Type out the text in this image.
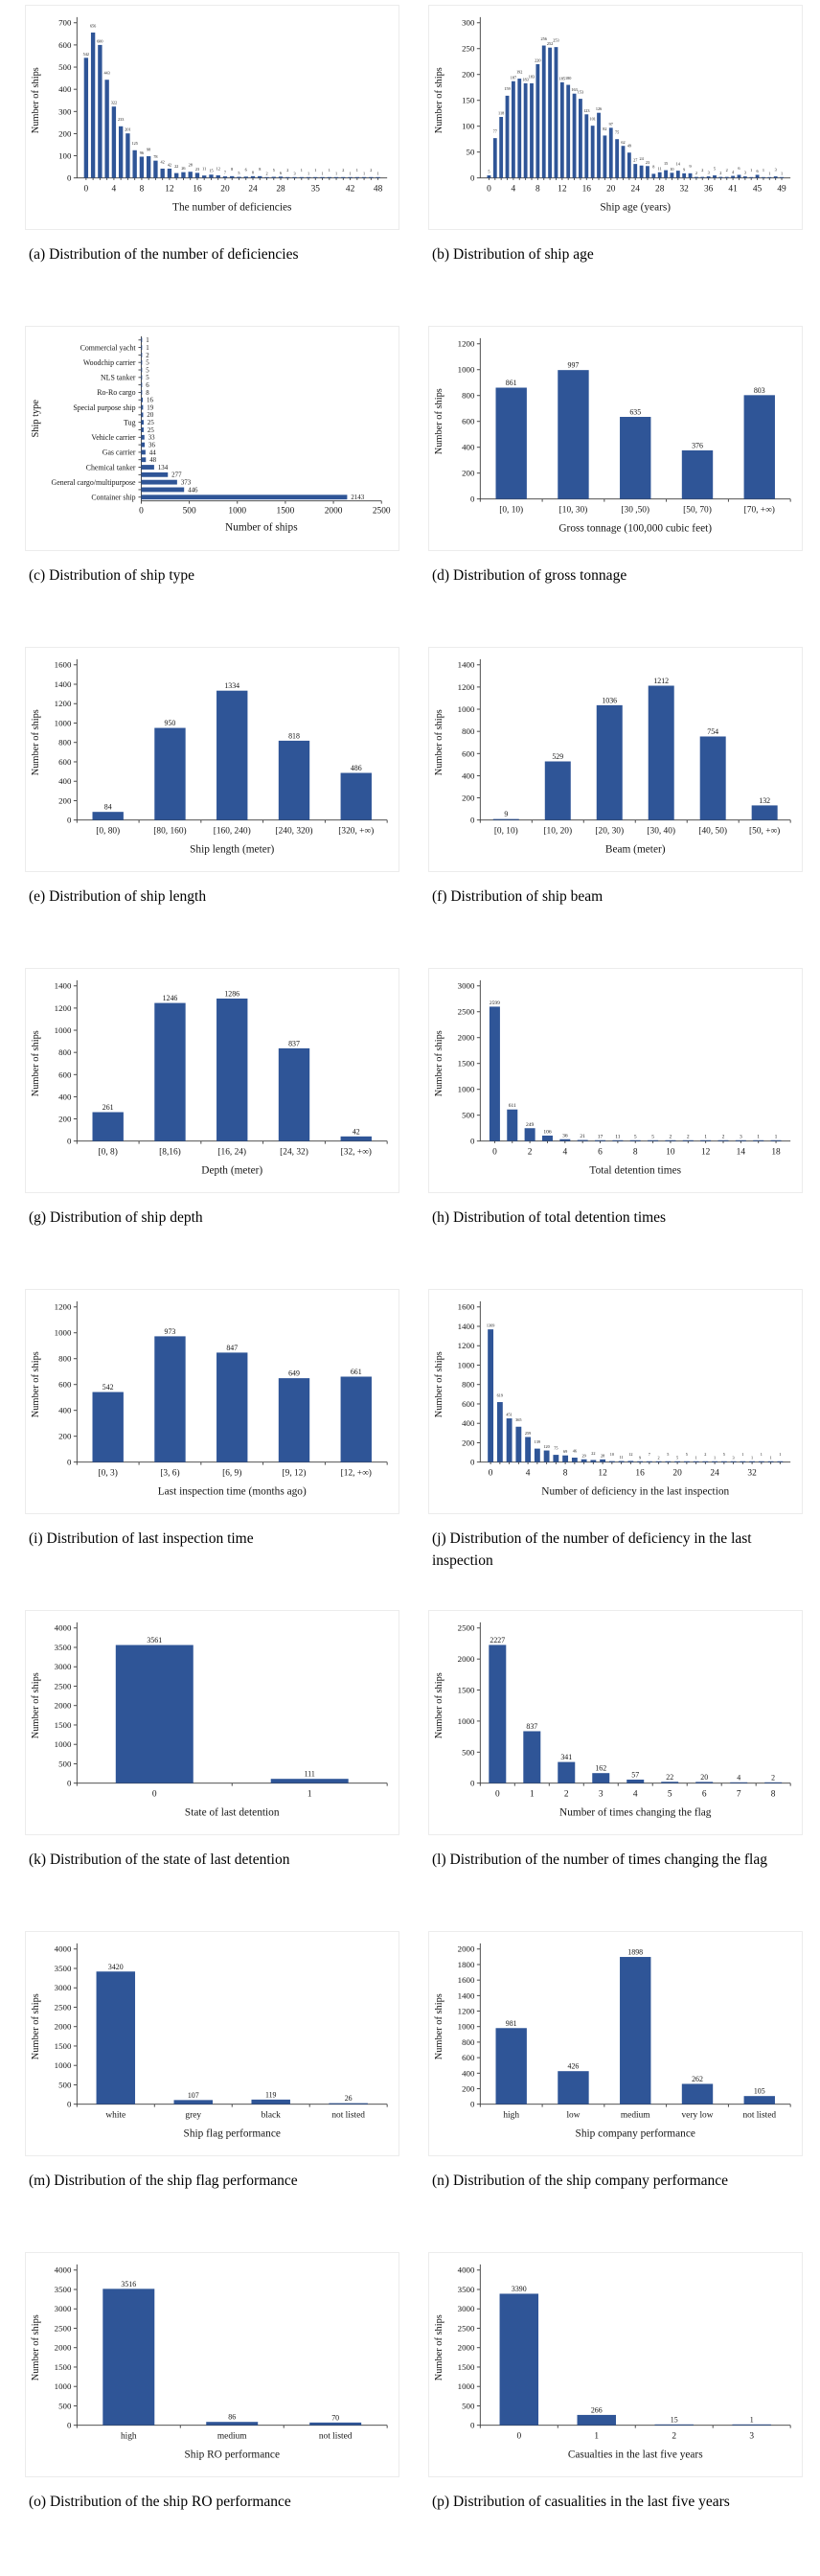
0
100
200
300
400
500
600
700
542
656
600
443
322
233
201
125
96
98
78
42
42 22 26
28
23 11 15 12
7
8
5
6
8
8
2
5
6
2
3
1
1
1
1
1
1
2
1
1
1
2
1
0	4	8 12 16 20 24 28	35	42 48
The number of deficiencies
Number of ships
(a) Distribution of the number of deficiencies
0
50
100
150
200
250
300
5
77
118
159
187
192
183
183
220
256
252
253
185 180
163 153
123
101
126
82
97
75
62
49
27 24
23
8 11
15
10
14
9
9
2
2
3
5
2
2 4
6
3 1 6 1
1
3
1
0 4 8 12 16 20 24 28 32 36 41 45 49
Ship age (years)
Number of ships
(b) Distribution of ship age
0	500	1000	1500	2000	2500
1
1
Commercial yacht
2
5
Woodchip carrier
5
5
NLS tanker
6
8
Ro-Ro cargo
16
19
Special purpose ship
20
25
Tug
25
33
Vehicle carrier
36
44
Gas carrier
48
134
Chemical tanker
277
373
General cargo/multipurpose
446
2143
Container ship
Number of ships
Ship type
(c) Distribution of ship type
0
200
400
600
800
1000
1200
861
997
635
376
803
[0, 10)	[10, 30)	[30 ,50)	[50, 70)	[70, +∞)
Gross tonnage (100,000 cubic feet)
Number of ships
(d) Distribution of gross tonnage
0
200
400
600
800
1000
1200
1400
1600
84
950
1334
818
486
[0, 80)	[80, 160)	[160, 240)	[240, 320)	[320, +∞)
Ship length (meter)
Number of ships
(e) Distribution of ship length
0
200
400
600
800
1000
1200
1400
9
529
1036
1212
754
132
[0, 10)	[10, 20)	[20, 30)	[30, 40)	[40, 50) [50, +∞)
Beam (meter)
Number of ships
(f) Distribution of ship beam
0
200
400
600
800
1000
1200
1400
261
1246
1286
837
42
[0, 8)	[8,16)	[16, 24)	[24, 32)	[32, +∞)
Depth (meter)
Number of ships
(g) Distribution of ship depth
0
500
1000
1500
2000
2500
3000
2599
611
249
106
36 21 17 11	5	5	2	2	1	2	3	1	1
0	2	4	6	8	10	12	14	18
Total detention times
Number of ships
(h) Distribution of total detention times
0
200
400
600
800
1000
1200
542
973
847
649	661
[0, 3)	[3, 6)	[6, 9)	[9, 12)	[12, +∞)
Last inspection time (months ago)
Number of ships
(i) Distribution of last inspection time
0
200
400
600
800
1000
1200
1400
1600
1369
619
451
365
259
139
120 75
69 46
29 22
28 10
11
12
9
7
2
5
5
5
1
2
1
5
3
1
1
1
1
1
0	4	8	12	16	20	24	32
Number of deficiency in the last inspection
Number of ships
(j) Distribution of the number of deficiency in the last inspection
0
500
1000
1500
2000
2500
3000
3500
4000
3561
111
0	1
State of last detention
Number of ships
(k) Distribution of the state of last detention
0
500
1000
1500
2000
2500
2227
837
341
162
57	22	20	4	2
0	1	2	3	4	5	6	7	8
Number of times changing the flag
Number of ships
(l) Distribution of the number of times changing the flag
0
500
1000
1500
2000
2500
3000
3500
4000
3420
107	119	26
white	grey	black	not listed
Ship flag performance
Number of ships
(m) Distribution of the ship flag performance
0
200
400
600
800
1000
1200
1400
1600
1800
2000
981
426
1898
262
105
high	low	medium	very low	not listed
Ship company performance
Number of ships
(n) Distribution of the ship company performance
0
500
1000
1500
2000
2500
3000
3500
4000
3516
86	70
high	medium	not listed
Ship RO performance
Number of ships
(o) Distribution of the ship RO performance
0
500
1000
1500
2000
2500
3000
3500
4000
3390
266
15	1
0	1	2	3
Casualties in the last five years
Number of ships
(p) Distribution of casualities in the last five years
